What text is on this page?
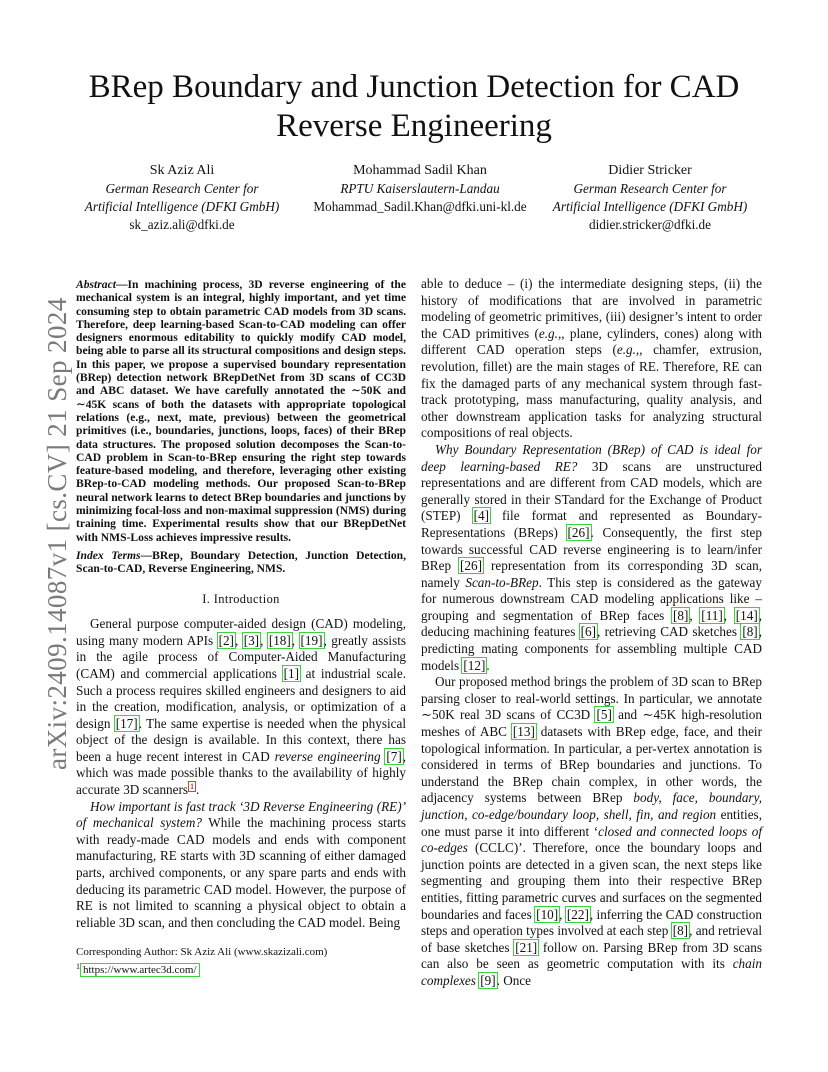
arXiv:2409.14087v1 [cs.CV] 21 Sep 2024
BRep Boundary and Junction Detection for CAD Reverse Engineering
Sk Aziz Ali
German Research Center for
Artificial Intelligence (DFKI GmbH)
sk_aziz.ali@dfki.de
Mohammad Sadil Khan
RPTU Kaiserslautern-Landau
Mohammad_Sadil.Khan@dfki.uni-kl.de
Didier Stricker
German Research Center for
Artificial Intelligence (DFKI GmbH)
didier.stricker@dfki.de

Abstract—In machining process, 3D reverse engineering of the mechanical system is an integral, highly important, and yet time consuming step to obtain parametric CAD models from 3D scans. Therefore, deep learning-based Scan-to-CAD modeling can offer designers enormous editability to quickly modify CAD model, being able to parse all its structural compositions and design steps. In this paper, we propose a supervised boundary representation (BRep) detection network BRepDetNet from 3D scans of CC3D and ABC dataset. We have carefully annotated the ∼50K and ∼45K scans of both the datasets with appropriate topological relations (e.g., next, mate, previous) between the geometrical primitives (i.e., boundaries, junctions, loops, faces) of their BRep data structures. The proposed solution decomposes the Scan-to-CAD problem in Scan-to-BRep ensuring the right step towards feature-based modeling, and therefore, leveraging other existing BRep-to-CAD modeling methods. Our proposed Scan-to-BRep neural network learns to detect BRep boundaries and junctions by minimizing focal-loss and non-maximal suppression (NMS) during training time. Experimental results show that our BRepDetNet with NMS-Loss achieves impressive results.

Index Terms—BRep, Boundary Detection, Junction Detection, Scan-to-CAD, Reverse Engineering, NMS.

I. Introduction

General purpose computer-aided design (CAD) modeling, using many modern APIs [2], [3], [18], [19], greatly assists in the agile process of Computer-Aided Manufacturing (CAM) and commercial applications [1] at industrial scale. Such a process requires skilled engineers and designers to aid in the creation, modification, analysis, or optimization of a design [17]. The same expertise is needed when the physical object of the design is available. In this context, there has been a huge recent interest in CAD reverse engineering [7], which was made possible thanks to the availability of highly accurate 3D scanners $^1$ .

How important is fast track ‘3D Reverse Engineering (RE)’ of mechanical system? While the machining process starts with ready-made CAD models and ends with component manufacturing, RE starts with 3D scanning of either damaged parts, archived components, or any spare parts and ends with deducing its parametric CAD model. However, the purpose of RE is not limited to scanning a physical object to obtain a reliable 3D scan, and then concluding the CAD model. Being

Corresponding Author: Sk Aziz Ali (www.skazizali.com)
$^1$ https://www.artec3d.com/

able to deduce – (i) the intermediate designing steps, (ii) the history of modifications that are involved in parametric modeling of geometric primitives, (iii) designer’s intent to order the CAD primitives (e.g.,, plane, cylinders, cones) along with different CAD operation steps (e.g.,, chamfer, extrusion, revolution, fillet) are the main stages of RE. Therefore, RE can fix the damaged parts of any mechanical system through fast-track prototyping, mass manufacturing, quality analysis, and other downstream application tasks for analyzing structural compositions of real objects.

Why Boundary Representation (BRep) of CAD is ideal for deep learning-based RE? 3D scans are unstructured representations and are different from CAD models, which are generally stored in their STandard for the Exchange of Product (STEP) [4] file format and represented as Boundary-Representations (BReps) [26]. Consequently, the first step towards successful CAD reverse engineering is to learn/infer BRep [26] representation from its corresponding 3D scan, namely Scan-to-BRep. This step is considered as the gateway for numerous downstream CAD modeling applications like – grouping and segmentation of BRep faces [8], [11], [14], deducing machining features [6], retrieving CAD sketches [8], predicting mating components for assembling multiple CAD models [12].

Our proposed method brings the problem of 3D scan to BRep parsing closer to real-world settings. In particular, we annotate ∼50K real 3D scans of CC3D [5] and ∼45K high-resolution meshes of ABC [13] datasets with BRep edge, face, and their topological information. In particular, a per-vertex annotation is considered in terms of BRep boundaries and junctions. To understand the BRep chain complex, in other words, the adjacency systems between BRep body, face, boundary, junction, co-edge/boundary loop, shell, fin, and region entities, one must parse it into different ‘closed and connected loops of co-edges (CCLC)’. Therefore, once the boundary loops and junction points are detected in a given scan, the next steps like segmenting and grouping them into their respective BRep entities, fitting parametric curves and surfaces on the segmented boundaries and faces [10], [22], inferring the CAD construction steps and operation types involved at each step [8], and retrieval of base sketches [21] follow on. Parsing BRep from 3D scans can also be seen as geometric computation with its chain complexes [9]. Once
